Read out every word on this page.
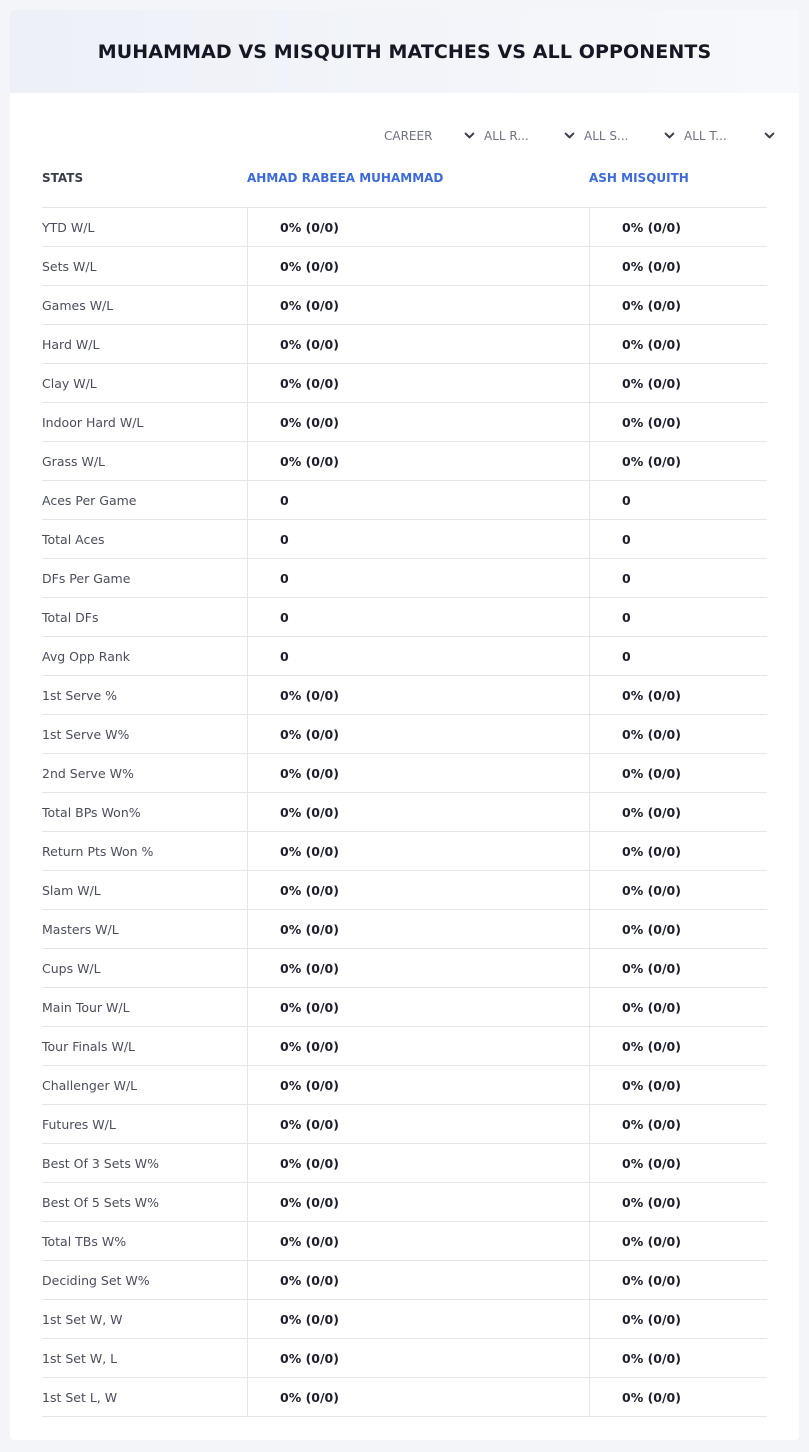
MUHAMMAD VS MISQUITH MATCHES VS ALL OPPONENTS
CAREER	ALL R...	ALL S...	ALL T...
STATS	AHMAD RABEEA MUHAMMAD	ASH MISQUITH
YTD W/L	0% (0/0)	0% (0/0)
Sets W/L	0% (0/0)	0% (0/0)
Games W/L	0% (0/0)	0% (0/0)
Hard W/L	0% (0/0)	0% (0/0)
Clay W/L	0% (0/0)	0% (0/0)
Indoor Hard W/L	0% (0/0)	0% (0/0)
Grass W/L	0% (0/0)	0% (0/0)
Aces Per Game	0	0
Total Aces	0	0
DFs Per Game	0	0
Total DFs	0	0
Avg Opp Rank	0	0
1st Serve %	0% (0/0)	0% (0/0)
1st Serve W%	0% (0/0)	0% (0/0)
2nd Serve W%	0% (0/0)	0% (0/0)
Total BPs Won%	0% (0/0)	0% (0/0)
Return Pts Won %	0% (0/0)	0% (0/0)
Slam W/L	0% (0/0)	0% (0/0)
Masters W/L	0% (0/0)	0% (0/0)
Cups W/L	0% (0/0)	0% (0/0)
Main Tour W/L	0% (0/0)	0% (0/0)
Tour Finals W/L	0% (0/0)	0% (0/0)
Challenger W/L	0% (0/0)	0% (0/0)
Futures W/L	0% (0/0)	0% (0/0)
Best Of 3 Sets W%	0% (0/0)	0% (0/0)
Best Of 5 Sets W%	0% (0/0)	0% (0/0)
Total TBs W%	0% (0/0)	0% (0/0)
Deciding Set W%	0% (0/0)	0% (0/0)
1st Set W, W	0% (0/0)	0% (0/0)
1st Set W, L	0% (0/0)	0% (0/0)
1st Set L, W	0% (0/0)	0% (0/0)
